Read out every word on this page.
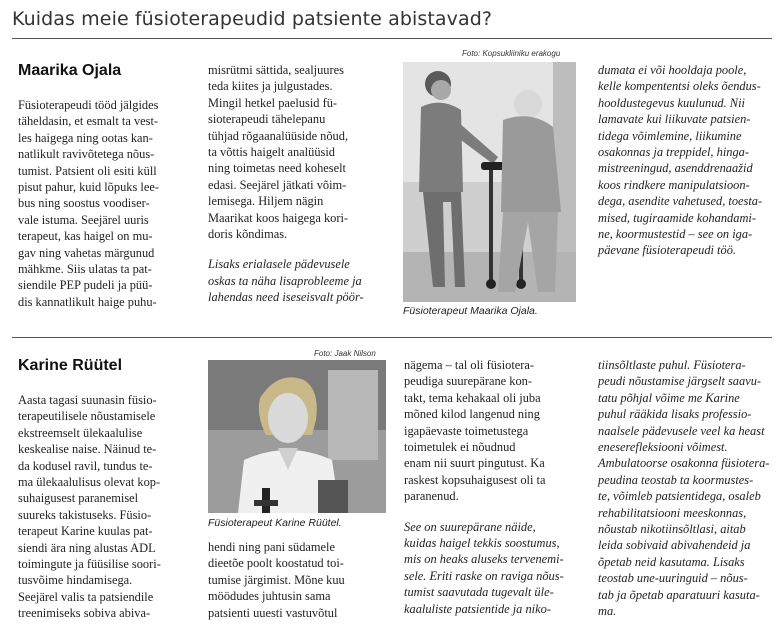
Kuidas meie füsioterapeudid patsiente abistavad?
Maarika Ojala
Foto: Kopsukliiniku erakogu

Füsioterapeudi tööd jälgides
täheldasin, et esmalt ta vest-
les haigega ning ootas kan-
natlikult ravivõtetega nõus-
tumist. Patsient oli esiti küll
pisut pahur, kuid lõpuks lee-
bus ning soostus voodiser-
vale istuma. Seejärel uuris
terapeut, kas haigel on mu-
gav ning vahetas märgunud
mähkme. Siis ulatas ta pat-
siendile PEP pudeli ja püü-
dis kannatlikult haige puhu-

misrütmi sättida, sealjuures
teda kiites ja julgustades.
Mingil hetkel paelusid fü-
sioterapeudi tähelepanu
tühjad rõgaanalüüside nõud,
ta võttis haigelt analüüsid
ning toimetas need koheselt
edasi. Seejärel jätkati võim-
lemisega. Hiljem nägin
Maarikat koos haigega kori-
doris kõndimas.

Lisaks erialasele pädevusele
oskas ta näha lisaprobleeme ja
lahendas need iseseisvalt pöör-

Füsioterapeut Maarika Ojala.

dumata ei või hooldaja poole,
kelle kompententsi oleks õendus-
hooldustegevus kuulunud. Nii
lamavate kui liikuvate patsien-
tidega võimlemine, liikumine
osakonnas ja treppidel, hinga-
mistreeningud, asenddrenaažid
koos rindkere manipulatsioon-
dega, asendite vahetused, toesta-
mised, tugiraamide kohandami-
ne, koormustestid – see on iga-
päevane füsioterapeudi töö.

Karine Rüütel
Foto: Jaak Nilson

Aasta tagasi suunasin füsio-
terapeutilisele nõustamisele
ekstreemselt ülekaalulise
keskealise naise. Näinud te-
da kodusel ravil, tundus te-
ma ülekaalulisus olevat kop-
suhaigusest paranemisel
suureks takistuseks. Füsio-
terapeut Karine kuulas pat-
siendi ära ning alustas ADL
toimingute ja füüsilise soori-
tusvõime hindamisega.
Seejärel valis ta patsiendile
treenimiseks sobiva abiva-

Füsioterapeut Karine Rüütel.

hendi ning pani südamele
dieetõe poolt koostatud toi-
tumise järgimist. Mõne kuu
möödudes juhtusin sama
patsienti uuesti vastuvõtul

nägema – tal oli füsiotera-
peudiga suurepärane kon-
takt, tema kehakaal oli juba
mõned kilod langenud ning
igapäevaste toimetustega
toimetulek ei nõudnud
enam nii suurt pingutust. Ka
raskest kopsuhaigusest oli ta
paranenud.

See on suurepärane näide,
kuidas haigel tekkis soostumus,
mis on heaks aluseks tervenemi-
sele. Eriti raske on raviga nõus-
tumist saavutada tugevalt üle-
kaaluliste patsientide ja niko-

tiinsõltlaste puhul. Füsiotera-
peudi nõustamise järgselt saavu-
tatu põhjal võime me Karine
puhul rääkida lisaks professio-
naalsele pädevusele veel ka heast
eneserefleksiooni võimest.
Ambulatoorse osakonna füsiotera-
peudina teostab ta koormustes-
te, võimleb patsientidega, osaleb
rehabilitatsiooni meeskonnas,
nõustab nikotiinsõltlasi, aitab
leida sobivaid abivahendeid ja
õpetab neid kasutama. Lisaks
teostab une-uuringuid – nõus-
tab ja õpetab aparatuuri kasuta-
ma.
